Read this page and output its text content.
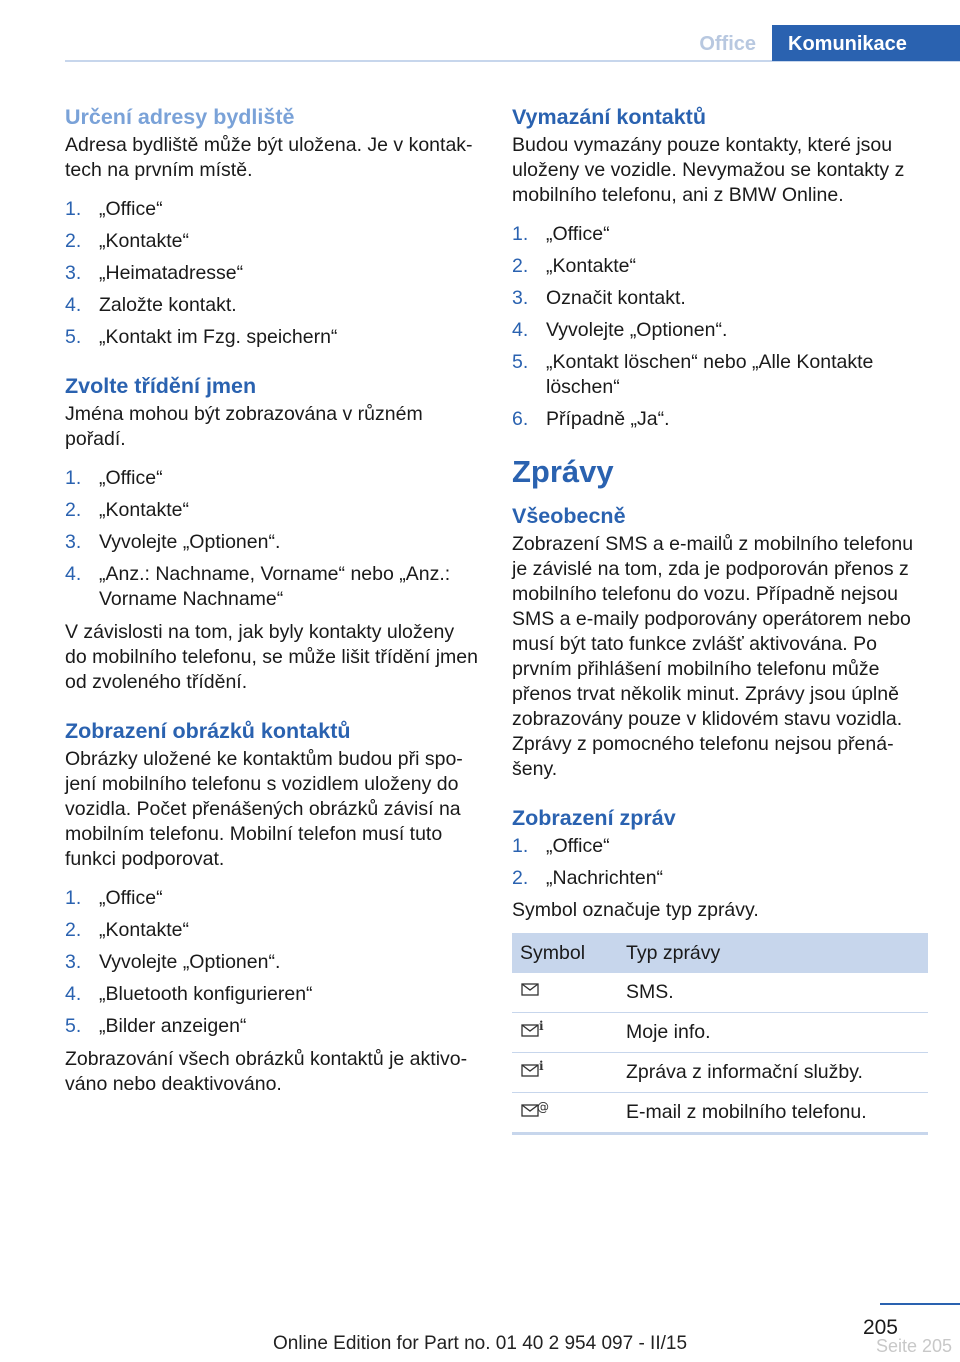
Office	Komunikace
Určení adresy bydliště

Adresa bydliště může být uložena. Je v kontak-tech na prvním místě.

1. „Office“
2. „Kontakte“
3. „Heimatadresse“
4. Založte kontakt.
5. „Kontakt im Fzg. speichern“
Zvolte třídění jmen

Jména mohou být zobrazována v různém pořadí.

1. „Office“
2. „Kontakte“
3. Vyvolejte „Optionen“.
4. „Anz.: Nachname, Vorname“ nebo „Anz.: Vorname Nachname“

V závislosti na tom, jak byly kontakty uloženy do mobilního telefonu, se může lišit třídění jmen od zvoleného třídění.

Zobrazení obrázků kontaktů

Obrázky uložené ke kontaktům budou při spo-jení mobilního telefonu s vozidlem uloženy do vozidla. Počet přenášených obrázků závisí na mobilním telefonu. Mobilní telefon musí tuto funkci podporovat.

1. „Office“
2. „Kontakte“
3. Vyvolejte „Optionen“.
4. „Bluetooth konfigurieren“
5. „Bilder anzeigen“

Zobrazování všech obrázků kontaktů je aktivo-váno nebo deaktivováno.

Vymazání kontaktů

Budou vymazány pouze kontakty, které jsou uloženy ve vozidle. Nevymažou se kontakty z mobilního telefonu, ani z BMW Online.

1. „Office“
2. „Kontakte“
3. Označit kontakt.
4. Vyvolejte „Optionen“.
5. „Kontakt löschen“ nebo „Alle Kontakte löschen“
6. Případně „Ja“.
Zprávy
Všeobecně

Zobrazení SMS a e-mailů z mobilního telefonu je závislé na tom, zda je podporován přenos z mobilního telefonu do vozu. Případně nejsou SMS a e-maily podporovány operátorem nebo musí být tato funkce zvlášť aktivována. Po prvním přihlášení mobilního telefonu může přenos trvat několik minut. Zprávy jsou úplně zobrazovány pouze v klidovém stavu vozidla. Zprávy z pomocného telefonu nejsou přená-šeny.

Zobrazení zpráv
1. „Office“
2. „Nachrichten“

Symbol označuje typ zprávy.

Symbol	Typ zprávy
	SMS.

i	Moje info.

i	Zpráva z informační služby.

@	E-mail z mobilního telefonu.
205
Online Edition for Part no. 01 40 2 954 097 - II/15	Seite 205
